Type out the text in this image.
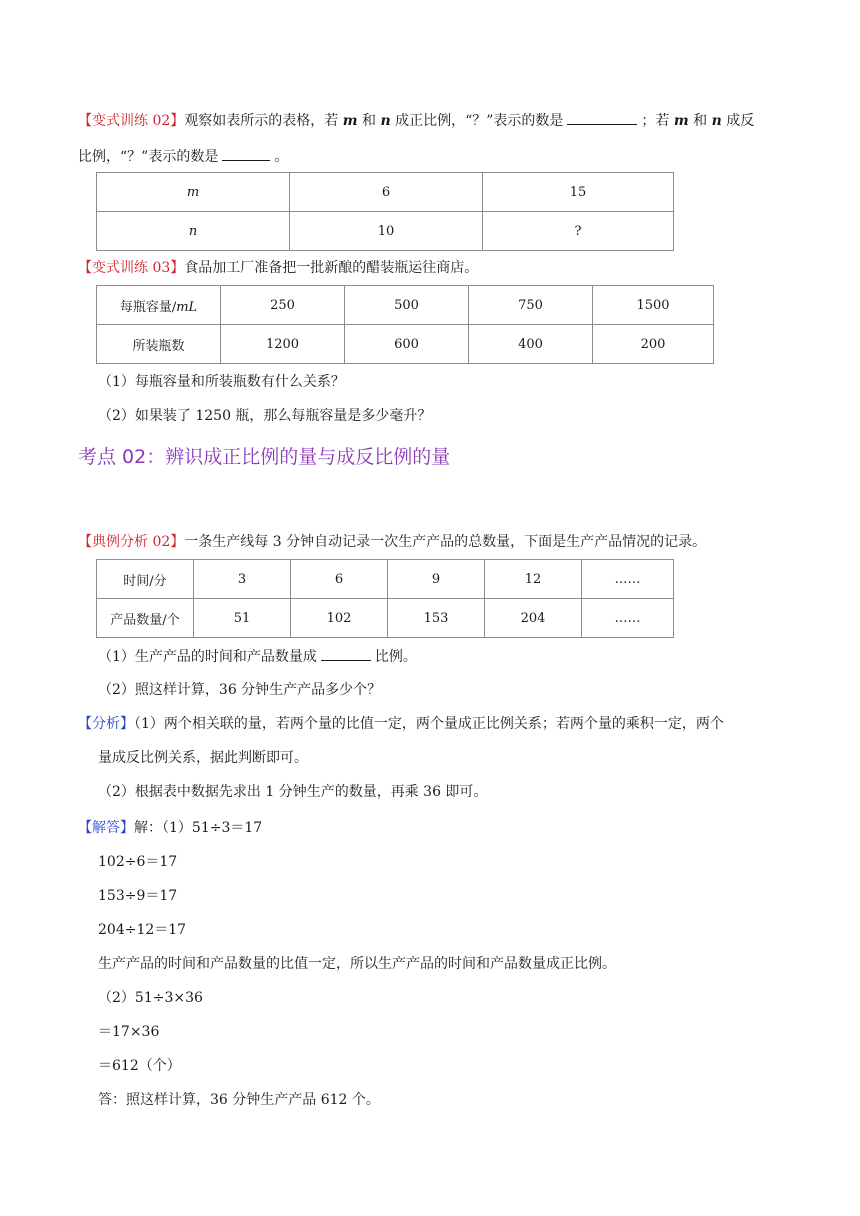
【变式训练 02】观察如表所示的表格，若 m 和 n 成正比例，“？”表示的数是	；若 m 和 n 成反
比例，“？”表示的数是	。
m	6	15
n	10	?
【变式训练 03】食品加工厂准备把一批新酿的醋装瓶运往商店。
每瓶容量/mL	250	500	750	1500
所装瓶数	1200	600	400	200
（1）每瓶容量和所装瓶数有什么关系？
（2）如果装了 1250 瓶，那么每瓶容量是多少毫升？
考点 02：辨识成正比例的量与成反比例的量
【典例分析 02】一条生产线每 3 分钟自动记录一次生产产品的总数量，下面是生产产品情况的记录。
时间/分	3	6	9	12	……
产品数量/个	51	102	153	204	……
（1）生产产品的时间和产品数量成	比例。
（2）照这样计算，36 分钟生产产品多少个？
【分析】（1）两个相关联的量，若两个量的比值一定，两个量成正比例关系；若两个量的乘积一定，两个
量成反比例关系，据此判断即可。
（2）根据表中数据先求出 1 分钟生产的数量，再乘 36 即可。
【解答】解：（1）51÷3＝17
102÷6＝17
153÷9＝17
204÷12＝17
生产产品的时间和产品数量的比值一定，所以生产产品的时间和产品数量成正比例。
（2）51÷3×36
＝17×36
＝612（个）
答：照这样计算，36 分钟生产产品 612 个。
